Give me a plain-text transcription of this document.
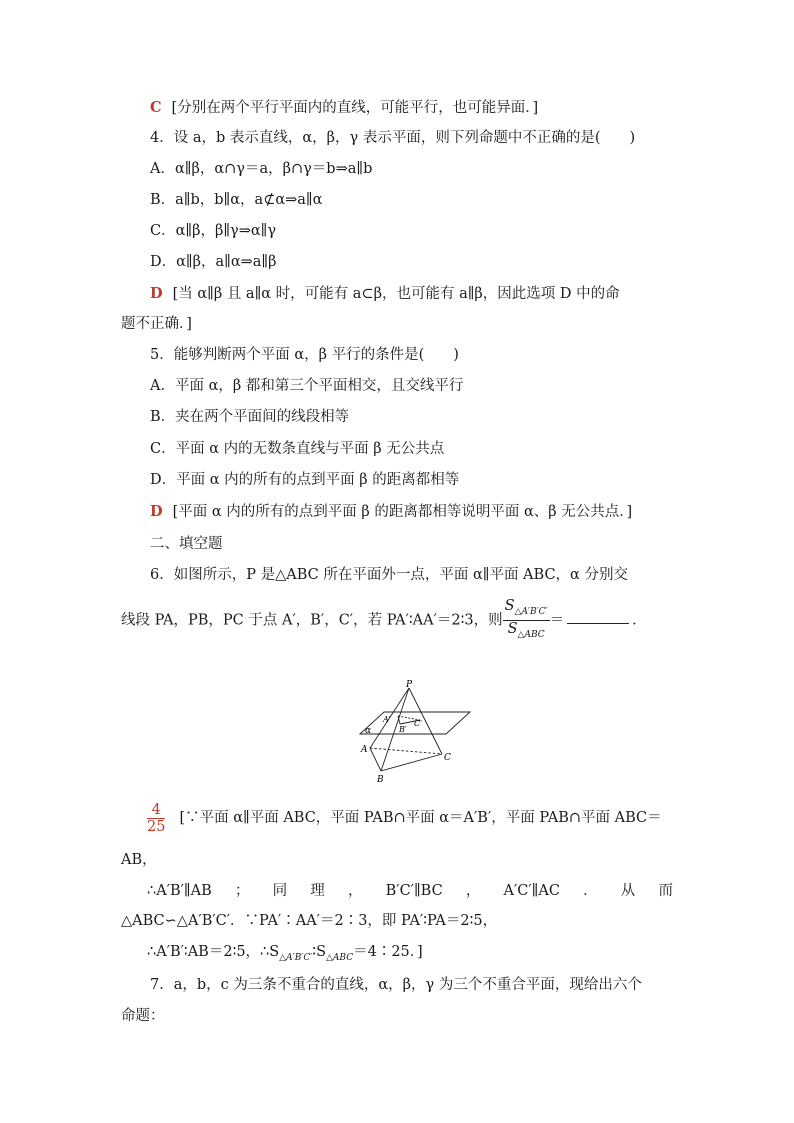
C [分别在两个平行平面内的直线，可能平行，也可能异面．]
4．设 a，b 表示直线，α，β，γ 表示平面，则下列命题中不正确的是(　　)
A．α∥β，α∩γ＝a，β∩γ＝b⇒a∥b
B．a∥b，b∥α，a⊄α⇒a∥α
C．α∥β，β∥γ⇒α∥γ
D．α∥β，a∥α⇒a∥β
D [当 α∥β 且 a∥α 时，可能有 a⊂β，也可能有 a∥β，因此选项 D 中的命
题不正确．]
5．能够判断两个平面 α，β 平行的条件是(　　)
A．平面 α，β 都和第三个平面相交，且交线平行
B．夹在两个平面间的线段相等
C．平面 α 内的无数条直线与平面 β 无公共点
D．平面 α 内的所有的点到平面 β 的距离都相等
D [平面 α 内的所有的点到平面 β 的距离都相等说明平面 α、β 无公共点．]
二、填空题
6．如图所示，P 是△ABC 所在平面外一点，平面 α∥平面 ABC，α 分别交
线段 PA，PB，PC 于点 A′，B′，C′，若 PA′∶AA′＝2∶3，则 $\frac{S_{\triangle A'B'C'}}{S_{\triangle ABC}}$ ＝	．
P
A′
B′
C′
α
A
B
C
$\frac{4}{25}$ [∵平面 α∥平面 ABC，平面 PAB∩平面 α＝A′B′，平面 PAB∩平面 ABC＝
AB，
∴A′B′∥AB ； 同 理 ， B′C′∥BC ， A′C′∥AC ． 从 而
△ABC∽△A′B′C′．∵PA′∶AA′＝2∶3，即 PA′∶PA＝2∶5，
∴A′B′∶AB＝2∶5，$\therefore S_{\triangle A'B'C'}∶S_{\triangle ABC}=4∶25$．]
7．a，b，c 为三条不重合的直线，α，β，γ 为三个不重合平面，现给出六个
命题：
